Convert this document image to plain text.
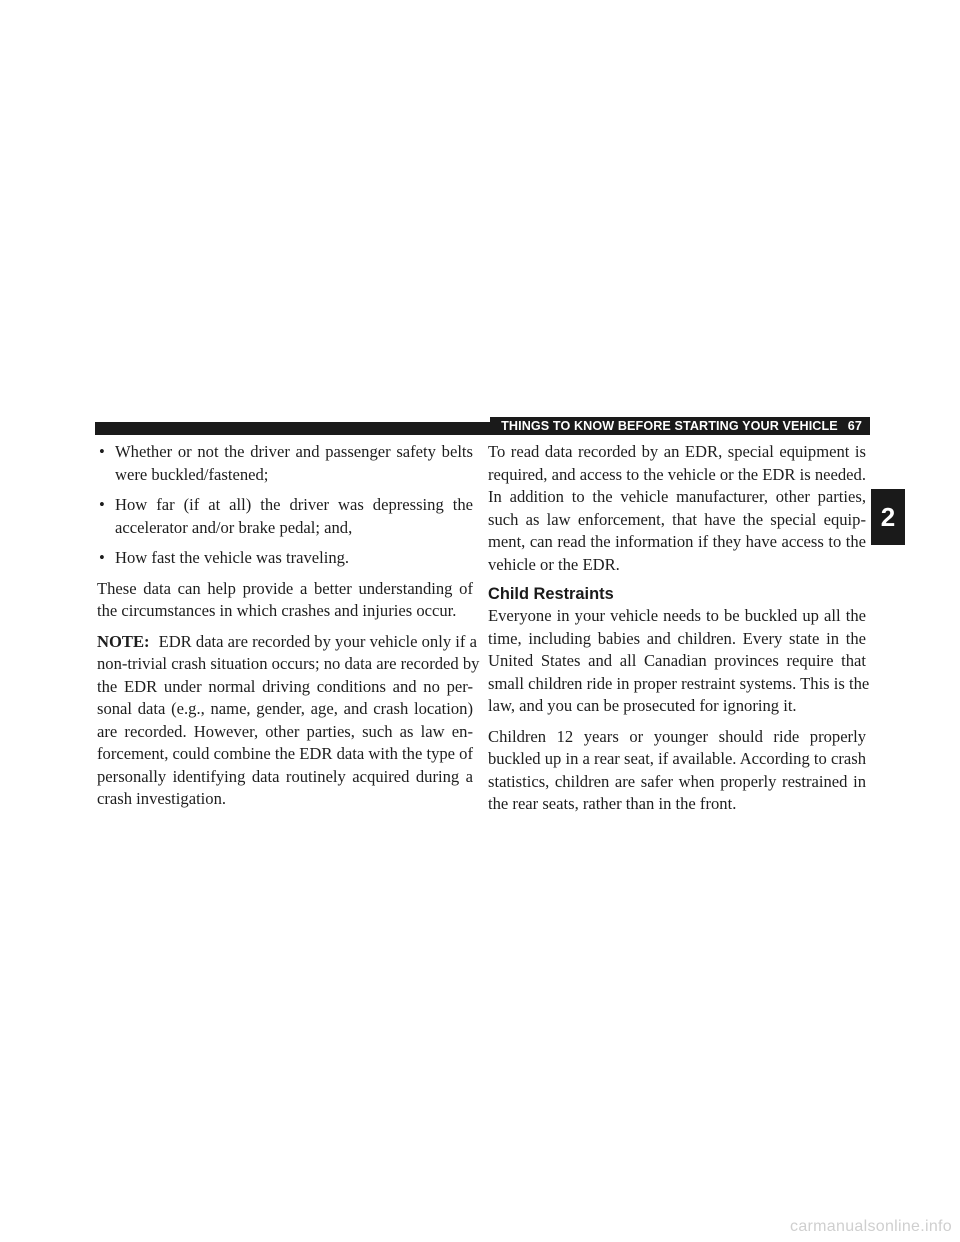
THINGS TO KNOW BEFORE STARTING YOUR VEHICLE 67
2
• Whether or not the driver and passenger safety belts
were buckled/fastened;
• How far (if at all) the driver was depressing the
accelerator and/or brake pedal; and,
• How fast the vehicle was traveling.
These data can help provide a better understanding of
the circumstances in which crashes and injuries occur.
NOTE: EDR data are recorded by your vehicle only if a
non-trivial crash situation occurs; no data are recorded by
the EDR under normal driving conditions and no per-
sonal data (e.g., name, gender, age, and crash location)
are recorded. However, other parties, such as law en-
forcement, could combine the EDR data with the type of
personally identifying data routinely acquired during a
crash investigation.
To read data recorded by an EDR, special equipment is
required, and access to the vehicle or the EDR is needed.
In addition to the vehicle manufacturer, other parties,
such as law enforcement, that have the special equip-
ment, can read the information if they have access to the
vehicle or the EDR.
Child Restraints
Everyone in your vehicle needs to be buckled up all the
time, including babies and children. Every state in the
United States and all Canadian provinces require that
small children ride in proper restraint systems. This is the
law, and you can be prosecuted for ignoring it.
Children 12 years or younger should ride properly
buckled up in a rear seat, if available. According to crash
statistics, children are safer when properly restrained in
the rear seats, rather than in the front.
carmanualsonline.info
